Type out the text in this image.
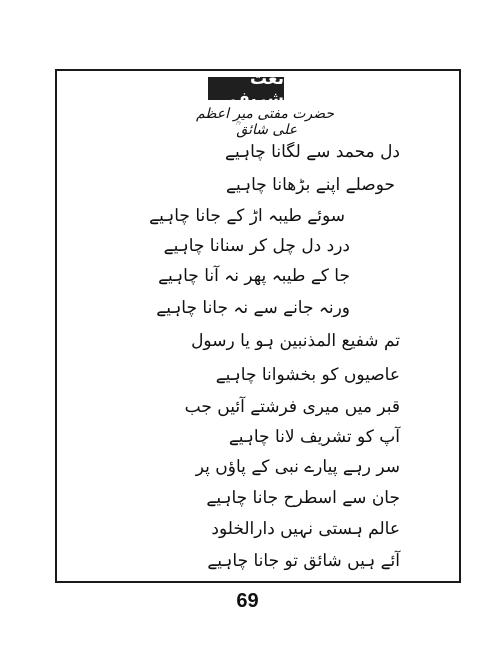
نعت شریف
حضرت مفتی میر اعظم علی شائق ؒ
دل محمد سے لگانا چاہیے
حوصلے اپنے بڑھانا چاہیے
سوئے طیبہ اڑ کے جانا چاہیے
درد دل چل کر سنانا چاہیے
جا کے طیبہ پھر نہ آنا چاہیے
ورنہ جانے سے نہ جانا چاہیے
تم شفیع المذنبین ہو یا رسول
عاصیوں کو بخشوانا چاہیے
قبر میں میری فرشتے آئیں جب
آپ کو تشریف لانا چاہیے
سر رہے پیارے نبی کے پاؤں پر
جان سے اسطرح جانا چاہیے
عالم ہستی نہیں دارالخلود
آئے ہیں شائق تو جانا چاہیے
69
